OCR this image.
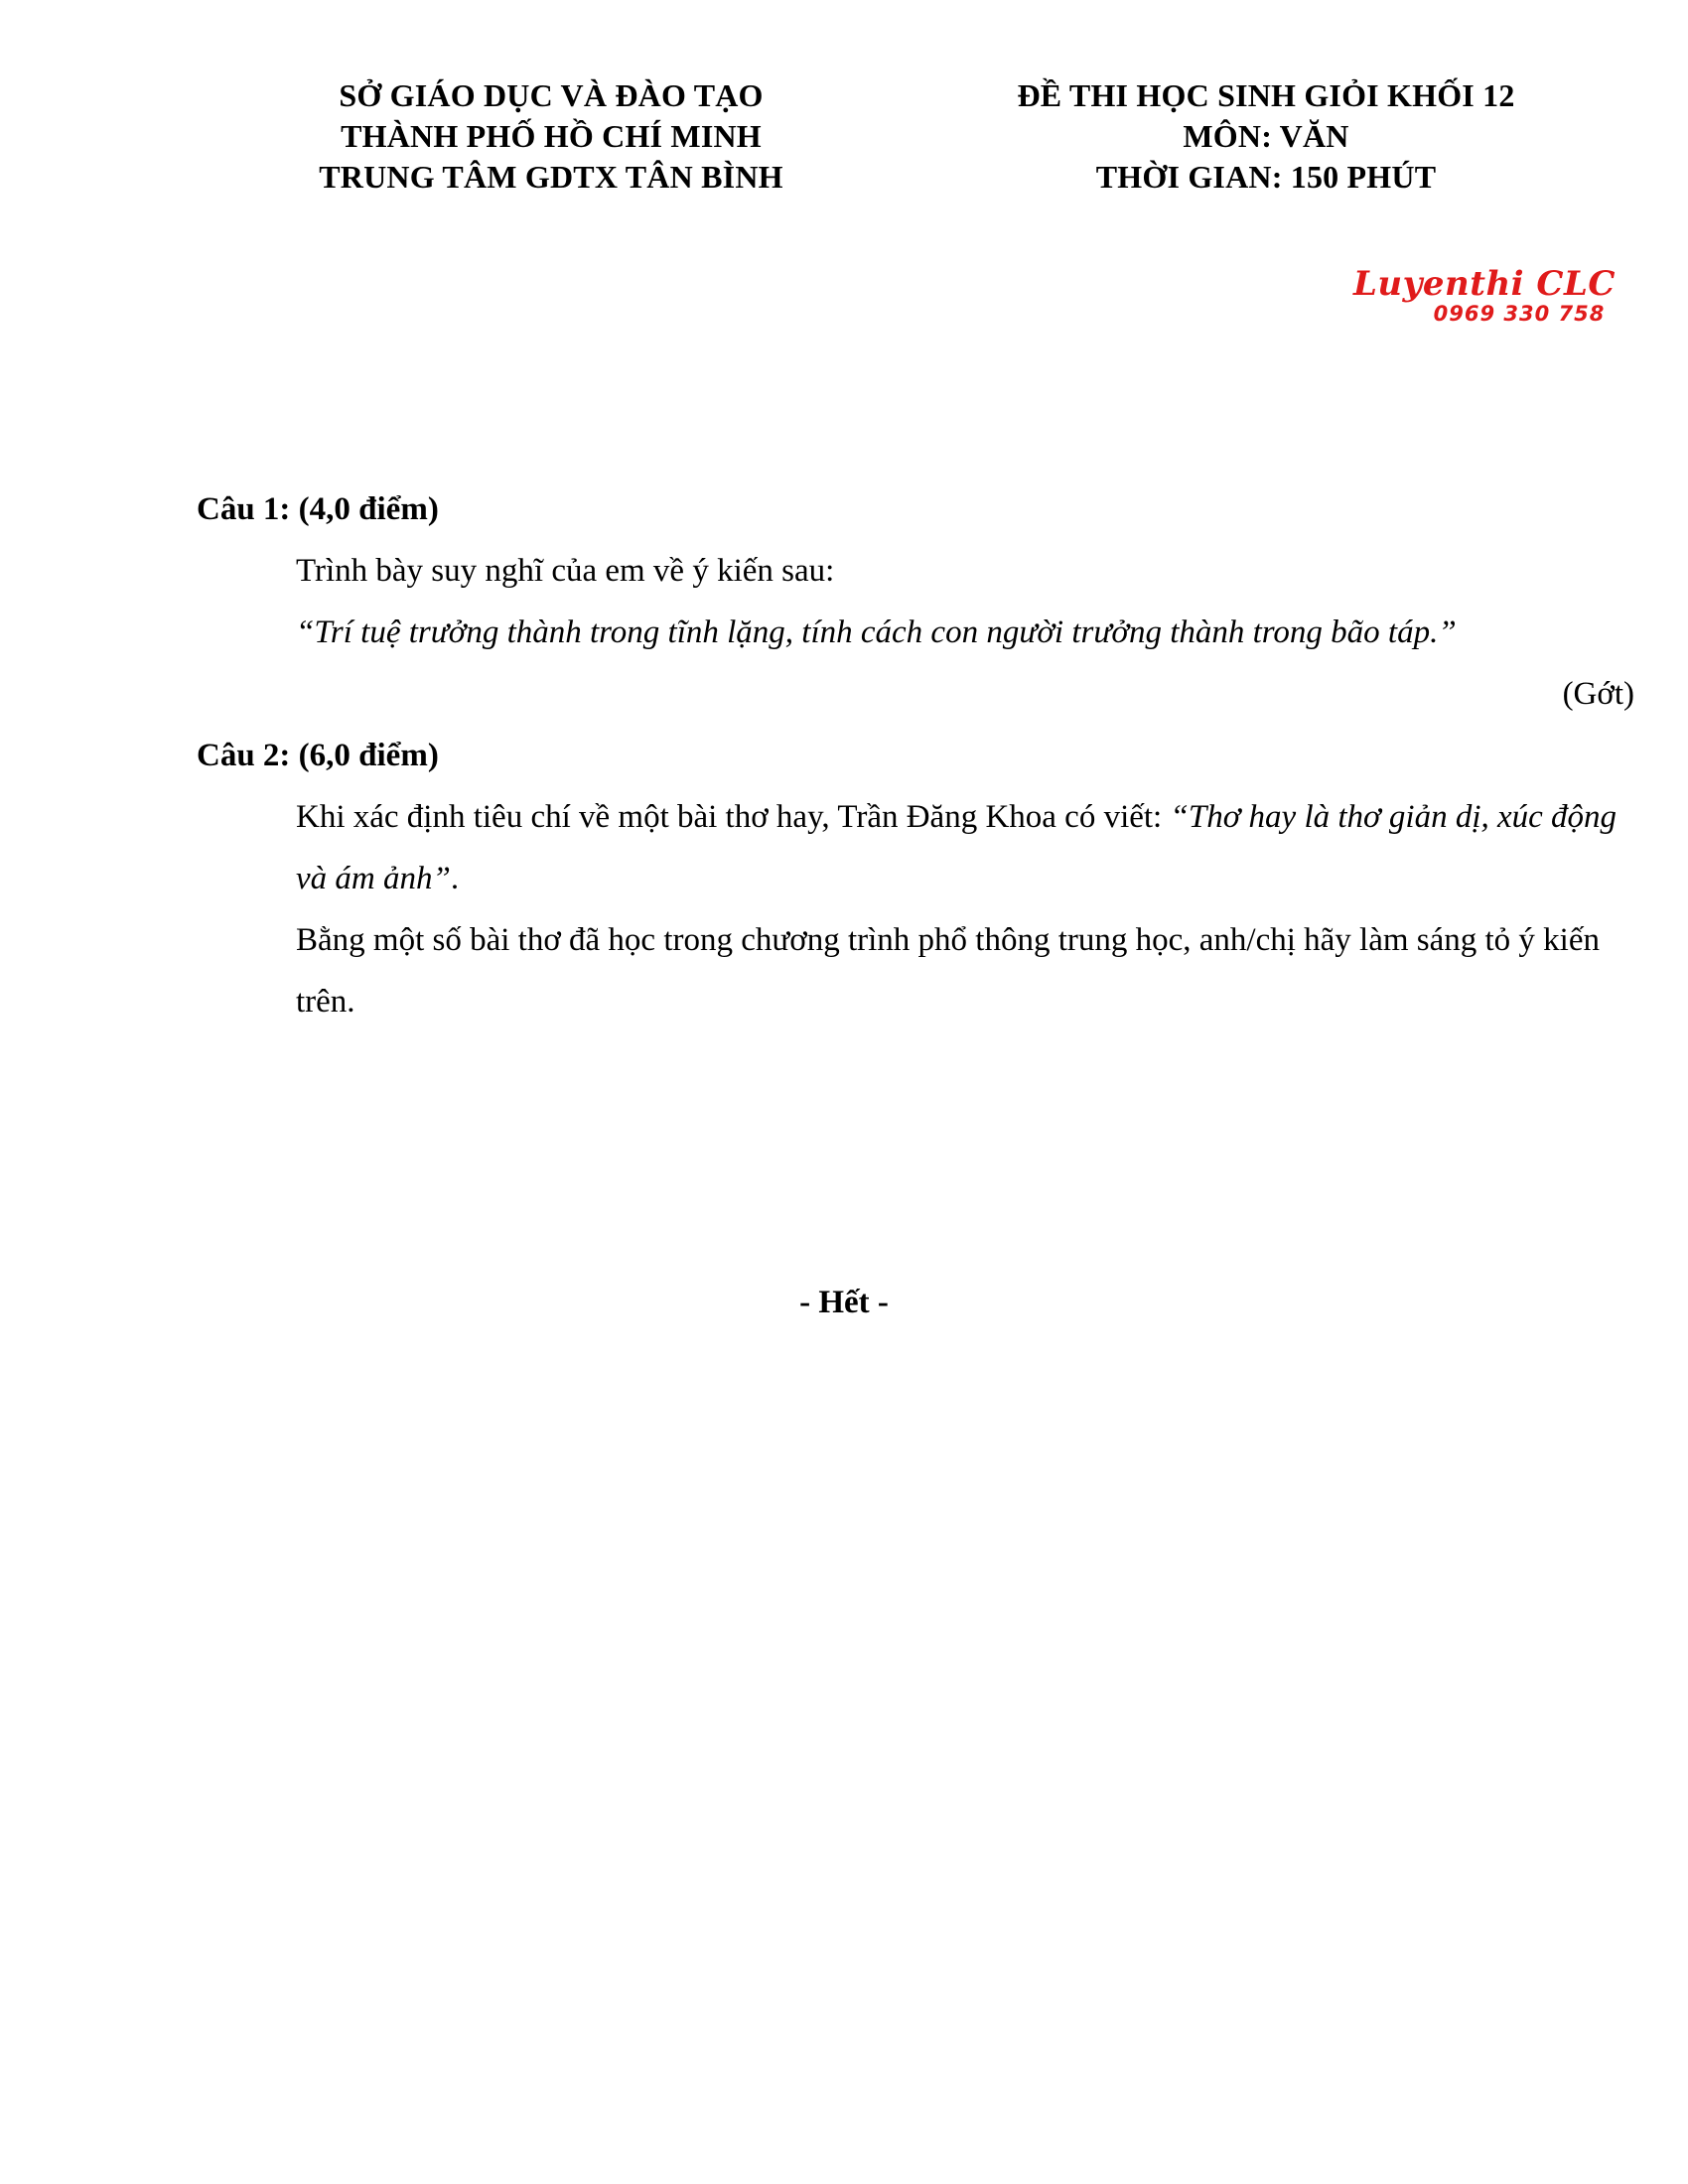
SỞ GIÁO DỤC VÀ ĐÀO TẠO
THÀNH PHỐ HỒ CHÍ MINH
TRUNG TÂM GDTX TÂN BÌNH
ĐỀ THI HỌC SINH GIỎI KHỐI 12
MÔN: VĂN
THỜI GIAN: 150 PHÚT
Luyenthi CLC
0969 330 758
Câu 1: (4,0 điểm)
Trình bày suy nghĩ của em về ý kiến sau:
“Trí tuệ trưởng thành trong tĩnh lặng, tính cách con người trưởng thành trong bão táp.”
(Gớt)
Câu 2: (6,0 điểm)
Khi xác định tiêu chí về một bài thơ hay, Trần Đăng Khoa có viết: “Thơ hay là thơ giản dị, xúc động và ám ảnh”.
Bằng một số bài thơ đã học trong chương trình phổ thông trung học, anh/chị hãy làm sáng tỏ ý kiến trên.
- Hết -
